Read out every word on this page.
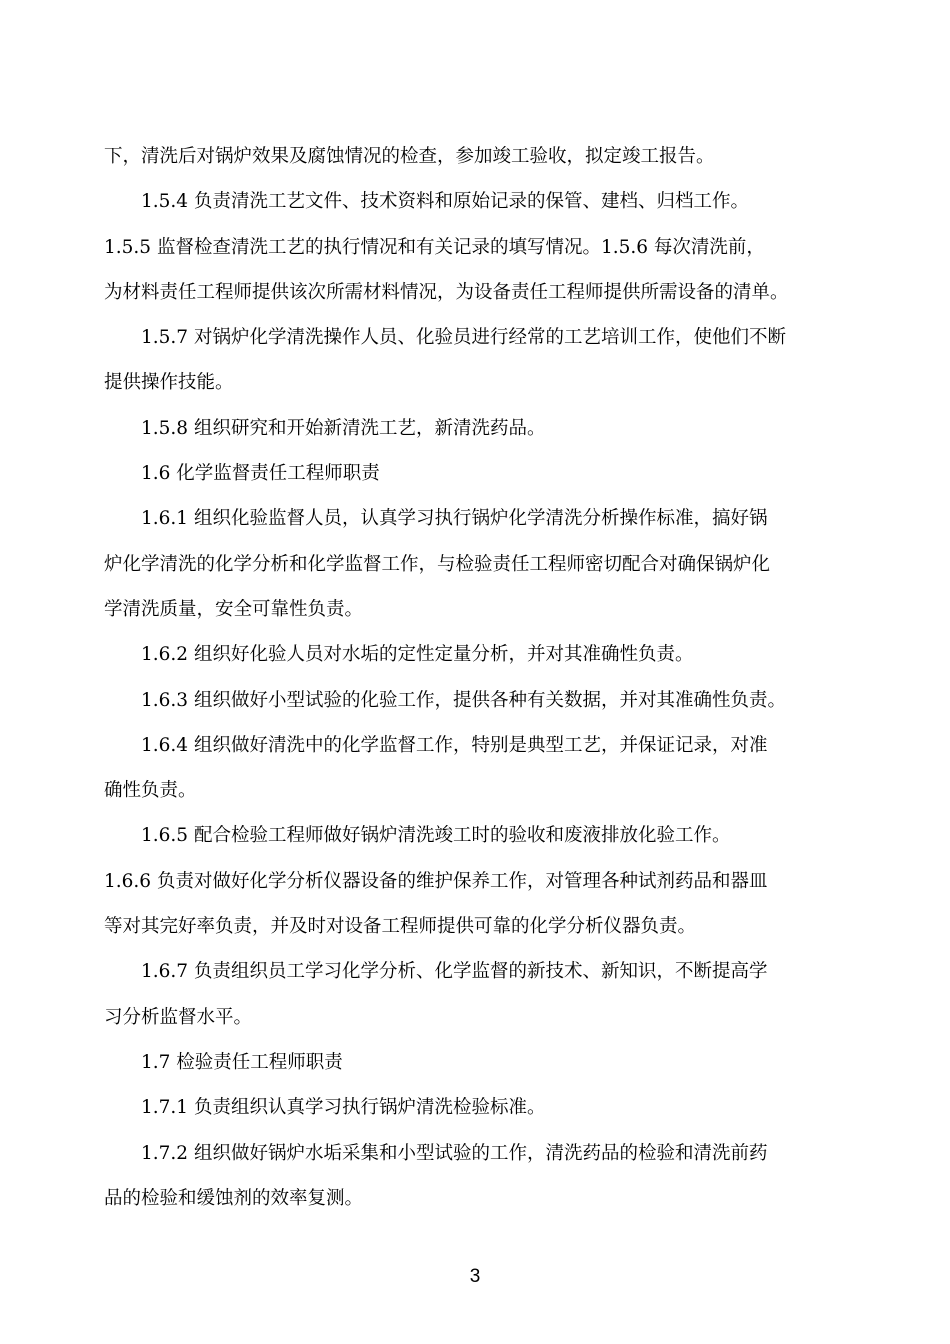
下，清洗后对锅炉效果及腐蚀情况的检查，参加竣工验收，拟定竣工报告。
1.5.4 负责清洗工艺文件、技术资料和原始记录的保管、建档、归档工作。
1.5.5 监督检查清洗工艺的执行情况和有关记录的填写情况。1.5.6 每次清洗前，
为材料责任工程师提供该次所需材料情况，为设备责任工程师提供所需设备的清单。
1.5.7 对锅炉化学清洗操作人员、化验员进行经常的工艺培训工作，使他们不断
提供操作技能。
1.5.8 组织研究和开始新清洗工艺，新清洗药品。
1.6 化学监督责任工程师职责
1.6.1 组织化验监督人员，认真学习执行锅炉化学清洗分析操作标准，搞好锅
炉化学清洗的化学分析和化学监督工作，与检验责任工程师密切配合对确保锅炉化
学清洗质量，安全可靠性负责。
1.6.2 组织好化验人员对水垢的定性定量分析，并对其准确性负责。
1.6.3 组织做好小型试验的化验工作，提供各种有关数据，并对其准确性负责。
1.6.4 组织做好清洗中的化学监督工作，特别是典型工艺，并保证记录，对准
确性负责。
1.6.5 配合检验工程师做好锅炉清洗竣工时的验收和废液排放化验工作。
1.6.6 负责对做好化学分析仪器设备的维护保养工作，对管理各种试剂药品和器皿
等对其完好率负责，并及时对设备工程师提供可靠的化学分析仪器负责。
1.6.7 负责组织员工学习化学分析、化学监督的新技术、新知识，不断提高学
习分析监督水平。
1.7 检验责任工程师职责
1.7.1 负责组织认真学习执行锅炉清洗检验标准。
1.7.2 组织做好锅炉水垢采集和小型试验的工作，清洗药品的检验和清洗前药
品的检验和缓蚀剂的效率复测。
3
